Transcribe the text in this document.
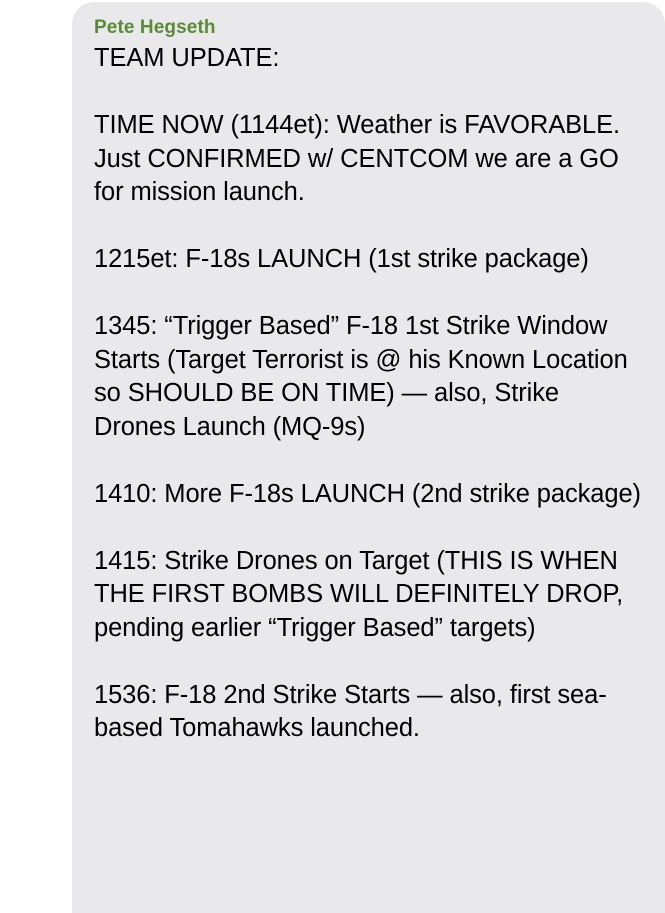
Pete Hegseth
TEAM UPDATE:

TIME NOW (1144et): Weather is FAVORABLE. Just CONFIRMED w/ CENTCOM we are a GO for mission launch.

1215et: F-18s LAUNCH (1st strike package)

1345: “Trigger Based” F-18 1st Strike Window Starts (Target Terrorist is @ his Known Location so SHOULD BE ON TIME) — also, Strike Drones Launch (MQ-9s)

1410: More F-18s LAUNCH (2nd strike package)

1415: Strike Drones on Target (THIS IS WHEN THE FIRST BOMBS WILL DEFINITELY DROP, pending earlier “Trigger Based” targets)

1536: F-18 2nd Strike Starts — also, first sea-based Tomahawks launched.
